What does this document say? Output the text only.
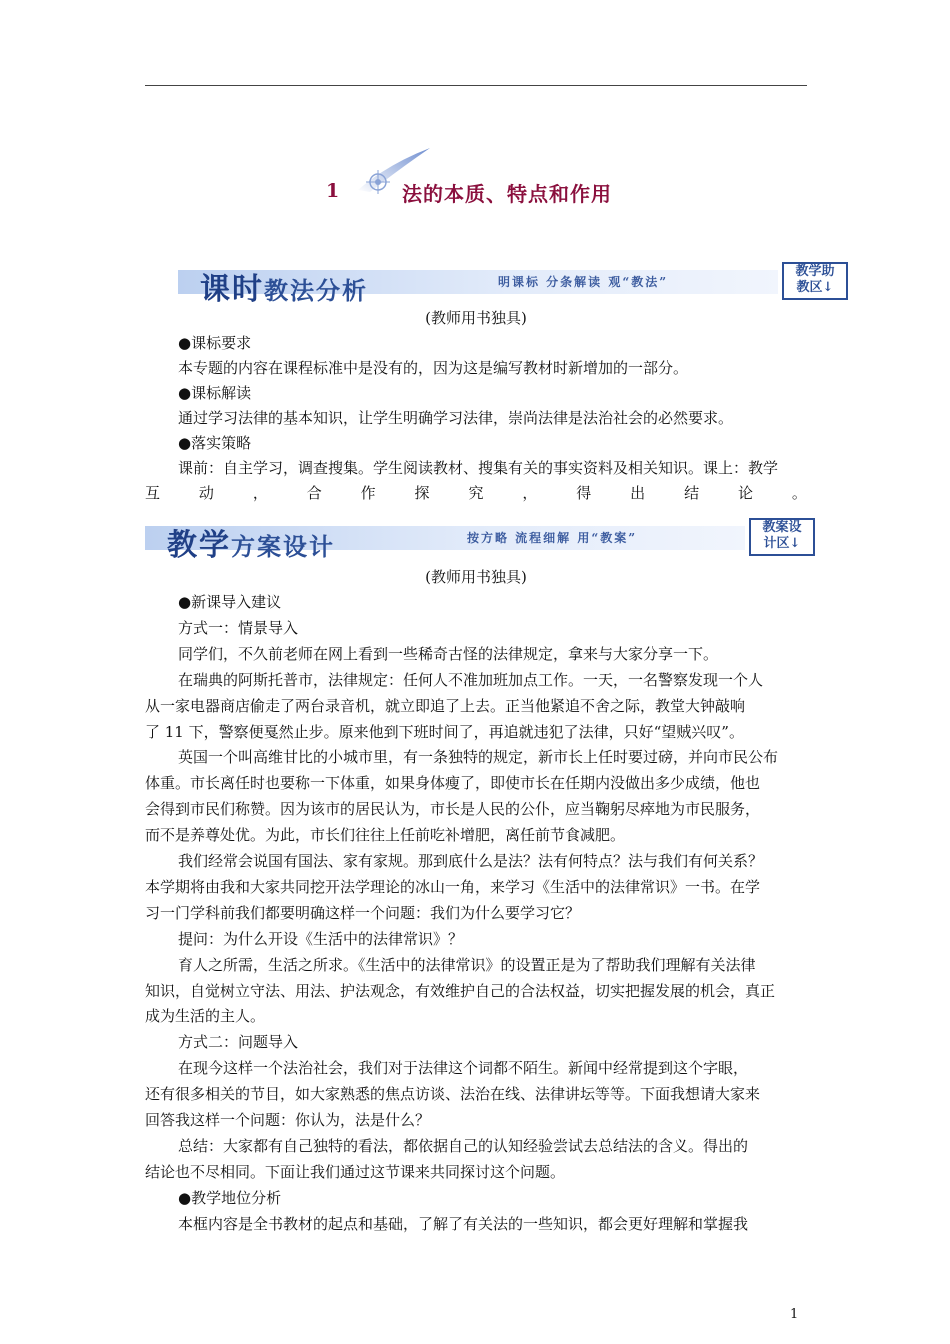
1	法的本质、特点和作用
课时教法分析	明课标 分条解读 观“教法”
教学助
教区↓
(教师用书独具)
●课标要求
本专题的内容在课程标准中是没有的，因为这是编写教材时新增加的一部分。
●课标解读
通过学习法律的基本知识，让学生明确学习法律，崇尚法律是法治社会的必然要求。
●落实策略
课前：自主学习，调查搜集。学生阅读教材、搜集有关的事实资料及相关知识。课上：教学
互	动	，	合	作	探	究	，	得	出	结	论	。
教学方案设计	按方略 流程细解 用“教案”
教案设
计区↓
(教师用书独具)
●新课导入建议
方式一：情景导入
同学们，不久前老师在网上看到一些稀奇古怪的法律规定，拿来与大家分享一下。
在瑞典的阿斯托普市，法律规定：任何人不准加班加点工作。一天，一名警察发现一个人
从一家电器商店偷走了两台录音机，就立即追了上去。正当他紧追不舍之际，教堂大钟敲响
了 11 下，警察便戛然止步。原来他到下班时间了，再追就违犯了法律，只好“望贼兴叹”。
英国一个叫高维甘比的小城市里，有一条独特的规定，新市长上任时要过磅，并向市民公布
体重。市长离任时也要称一下体重，如果身体瘦了，即使市长在任期内没做出多少成绩，他也
会得到市民们称赞。因为该市的居民认为，市长是人民的公仆，应当鞠躬尽瘁地为市民服务，
而不是养尊处优。为此，市长们往往上任前吃补增肥，离任前节食减肥。
我们经常会说国有国法、家有家规。那到底什么是法？法有何特点？法与我们有何关系？
本学期将由我和大家共同挖开法学理论的冰山一角，来学习《生活中的法律常识》一书。在学
习一门学科前我们都要明确这样一个问题：我们为什么要学习它？
提问：为什么开设《生活中的法律常识》？
育人之所需，生活之所求。《生活中的法律常识》的设置正是为了帮助我们理解有关法律
知识，自觉树立守法、用法、护法观念，有效维护自己的合法权益，切实把握发展的机会，真正
成为生活的主人。
方式二：问题导入
在现今这样一个法治社会，我们对于法律这个词都不陌生。新闻中经常提到这个字眼，
还有很多相关的节目，如大家熟悉的焦点访谈、法治在线、法律讲坛等等。下面我想请大家来
回答我这样一个问题：你认为，法是什么？
总结：大家都有自己独特的看法，都依据自己的认知经验尝试去总结法的含义。得出的
结论也不尽相同。下面让我们通过这节课来共同探讨这个问题。
●教学地位分析
本框内容是全书教材的起点和基础，了解了有关法的一些知识，都会更好理解和掌握我
1
